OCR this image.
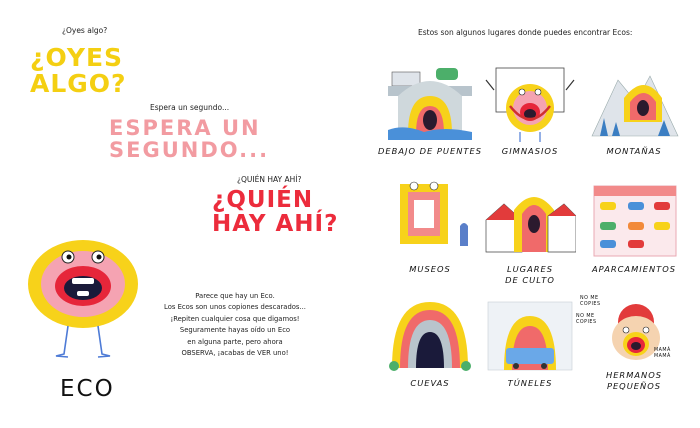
¿Oyes algo?
¿OYES
ALGO?
Espera un segundo...
ESPERA UN
SEGUNDO...
¿QUIÉN HAY AHÍ?
¿QUIÉN
HAY AHÍ?
Parece que hay un Eco.
Los Ecos son unos copiones descarados...
¡Repiten cualquier cosa que digamos!
Seguramente hayas oído un Eco
en alguna parte, pero ahora
OBSERVA, ¡acabas de VER uno!
ECO
Estos son algunos lugares donde puedes encontrar Ecos:
DEBAJO DE PUENTES	GIMNASIOS	MONTAÑAS
MUSEOS	LUGARES
DE CULTO
APARCAMIENTOS
CUEVAS	TÚNELES
NO ME
COPIES
NO ME
COPIES
MAMÁ
MAMÁ
HERMANOS
PEQUEÑOS
